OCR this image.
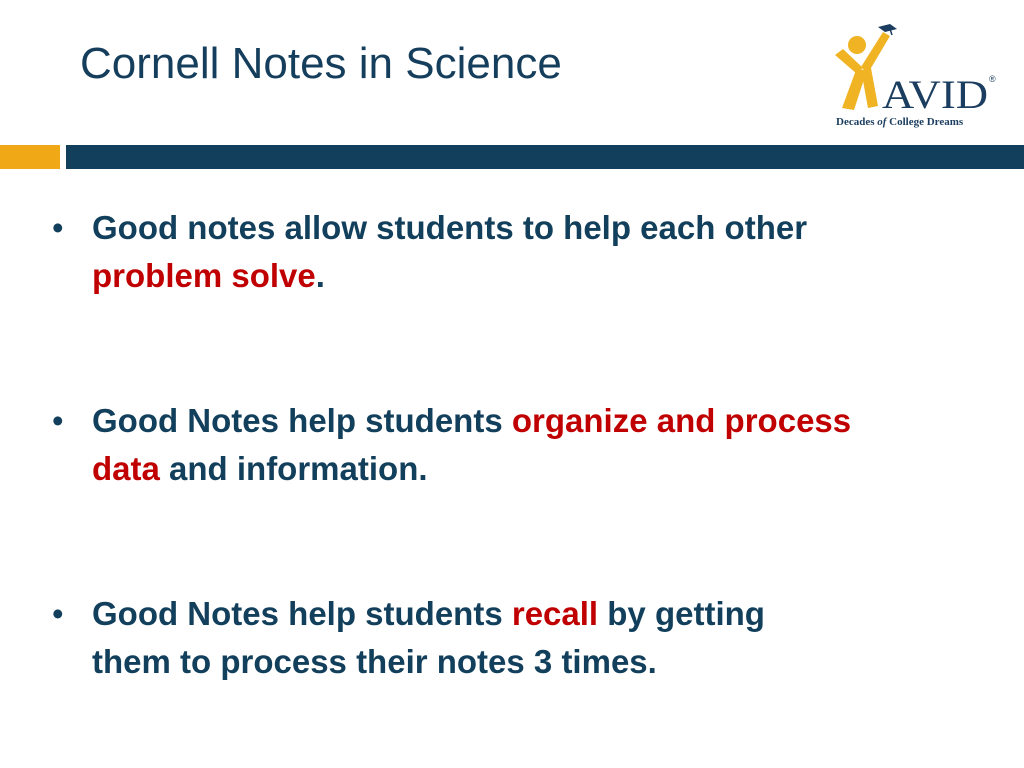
Cornell Notes in Science
AVID ®
Decades of College Dreams
• Good notes allow students to help each other problem solve.
• Good Notes help students organize and process data and information.
• Good Notes help students recall by getting them to process their notes 3 times.
